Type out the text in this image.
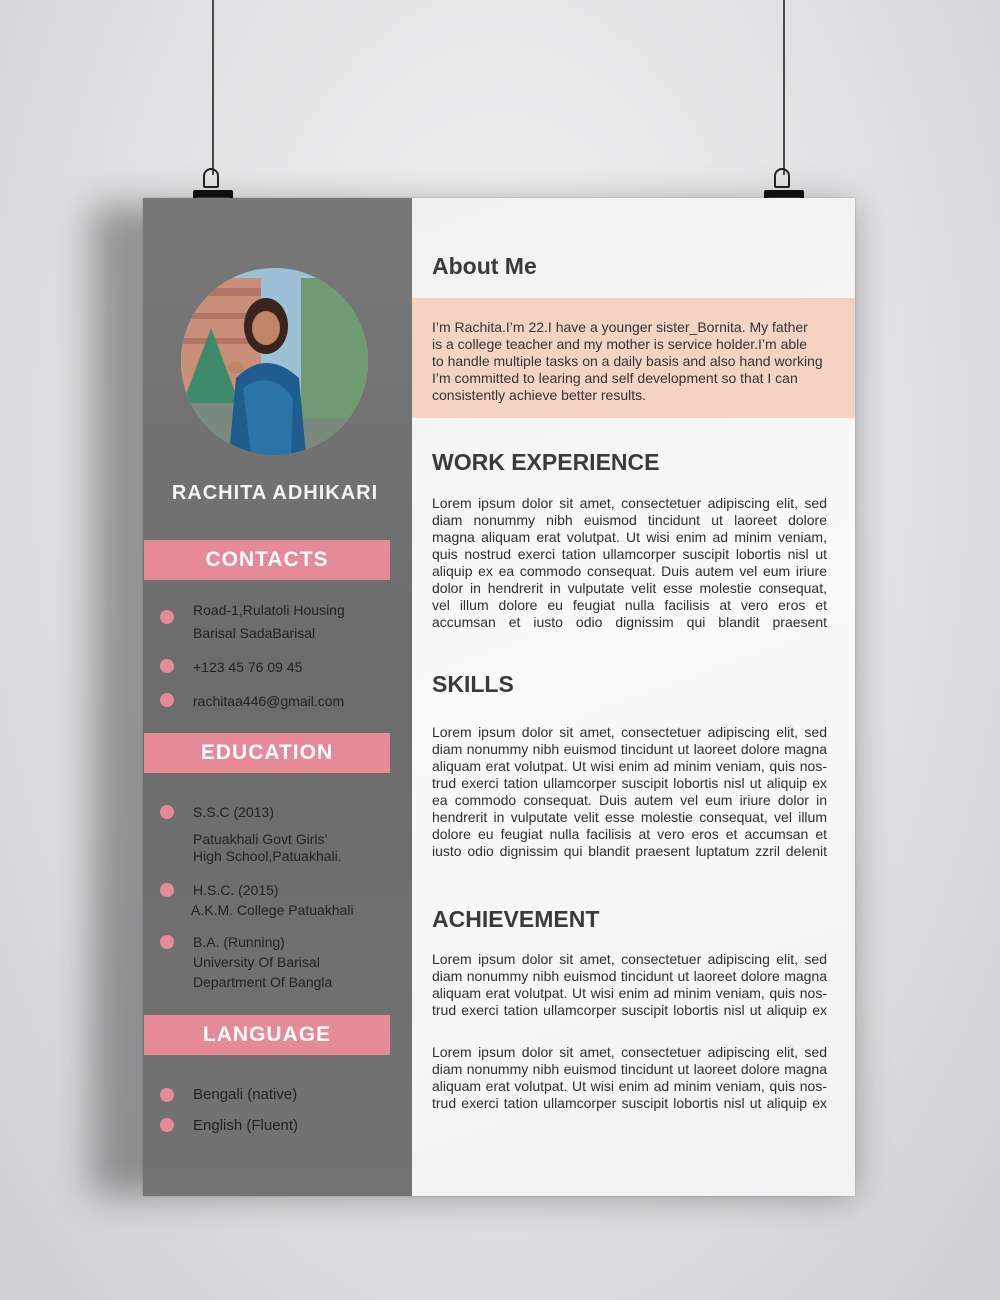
RACHITA ADHIKARI
CONTACTS
Road-1,Rulatoli Housing
Barisal SadaBarisal
+123 45 76 09 45
rachitaa446@gmail.com
EDUCATION
S.S.C (2013)
Patuakhali Govt Girls’
High School,Patuakhali.
H.S.C. (2015)
A.K.M. College Patuakhali
B.A. (Running)
University Of Barisal
Department Of Bangla
LANGUAGE
Bengali (native)
English (Fluent)
About Me
I’m Rachita.I’m 22.I have a younger sister_Bornita. My father
is a college teacher and my mother is service holder.I’m able
to handle multiple tasks on a daily basis and also hand working
I’m committed to learing and self development so that I can
consistently achieve better results.
WORK EXPERIENCE
Lorem ipsum dolor sit amet, consectetuer adipiscing elit, sed
diam nonummy nibh euismod tincidunt ut laoreet dolore
magna aliquam erat volutpat. Ut wisi enim ad minim veniam,
quis nostrud exerci tation ullamcorper suscipit lobortis nisl ut
aliquip ex ea commodo consequat. Duis autem vel eum iriure
dolor in hendrerit in vulputate velit esse molestie consequat,
vel illum dolore eu feugiat nulla facilisis at vero eros et
accumsan et iusto odio dignissim qui blandit praesent
SKILLS
Lorem ipsum dolor sit amet, consectetuer adipiscing elit, sed
diam nonummy nibh euismod tincidunt ut laoreet dolore magna
aliquam erat volutpat. Ut wisi enim ad minim veniam, quis nos-
trud exerci tation ullamcorper suscipit lobortis nisl ut aliquip ex
ea commodo consequat. Duis autem vel eum iriure dolor in
hendrerit in vulputate velit esse molestie consequat, vel illum
dolore eu feugiat nulla facilisis at vero eros et accumsan et
iusto odio dignissim qui blandit praesent luptatum zzril delenit
ACHIEVEMENT
Lorem ipsum dolor sit amet, consectetuer adipiscing elit, sed
diam nonummy nibh euismod tincidunt ut laoreet dolore magna
aliquam erat volutpat. Ut wisi enim ad minim veniam, quis nos-
trud exerci tation ullamcorper suscipit lobortis nisl ut aliquip ex
Lorem ipsum dolor sit amet, consectetuer adipiscing elit, sed
diam nonummy nibh euismod tincidunt ut laoreet dolore magna
aliquam erat volutpat. Ut wisi enim ad minim veniam, quis nos-
trud exerci tation ullamcorper suscipit lobortis nisl ut aliquip ex
